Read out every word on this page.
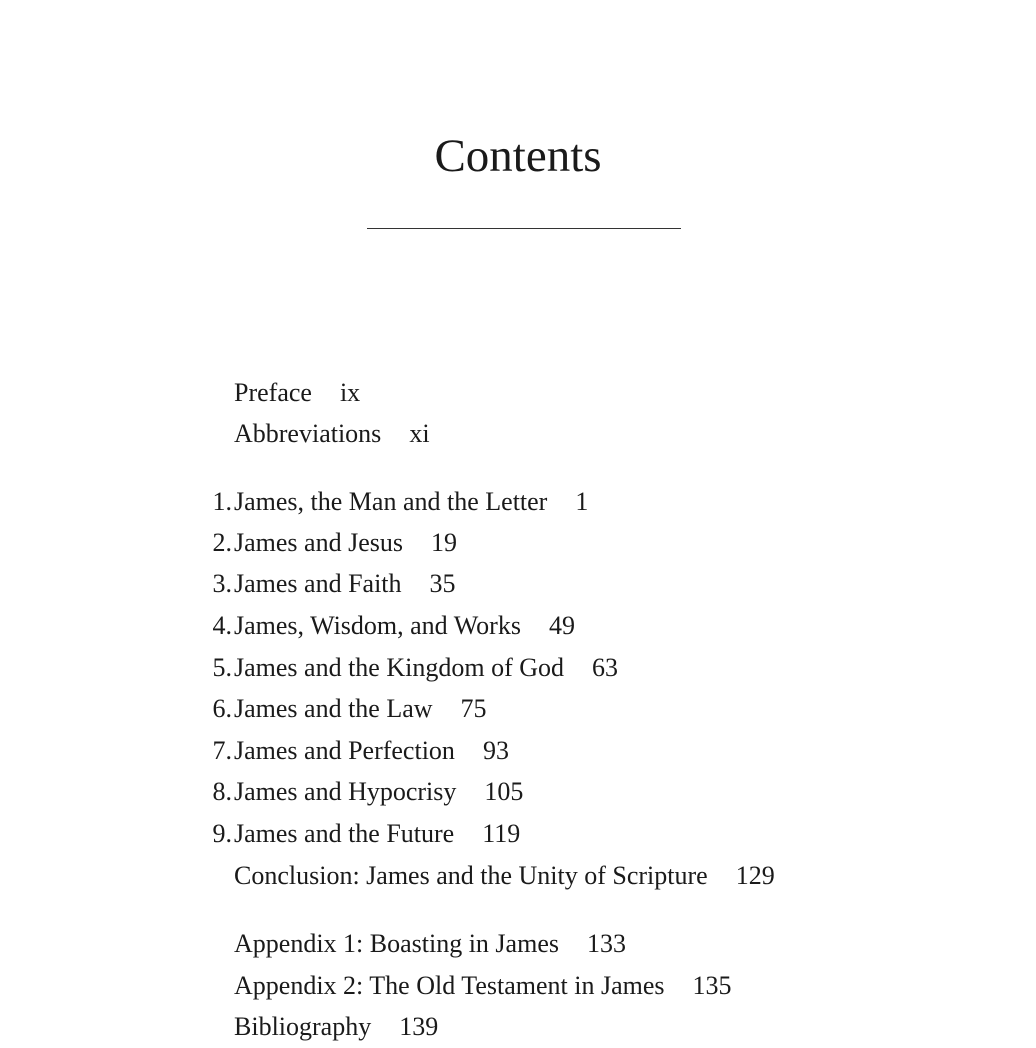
Contents
Preface ix
Abbreviations xi
1. James, the Man and the Letter 1
2. James and Jesus 19
3. James and Faith 35
4. James, Wisdom, and Works 49
5. James and the Kingdom of God 63
6. James and the Law 75
7. James and Perfection 93
8. James and Hypocrisy 105
9. James and the Future 119
Conclusion: James and the Unity of Scripture 129
Appendix 1: Boasting in James 133
Appendix 2: The Old Testament in James 135
Bibliography 139
